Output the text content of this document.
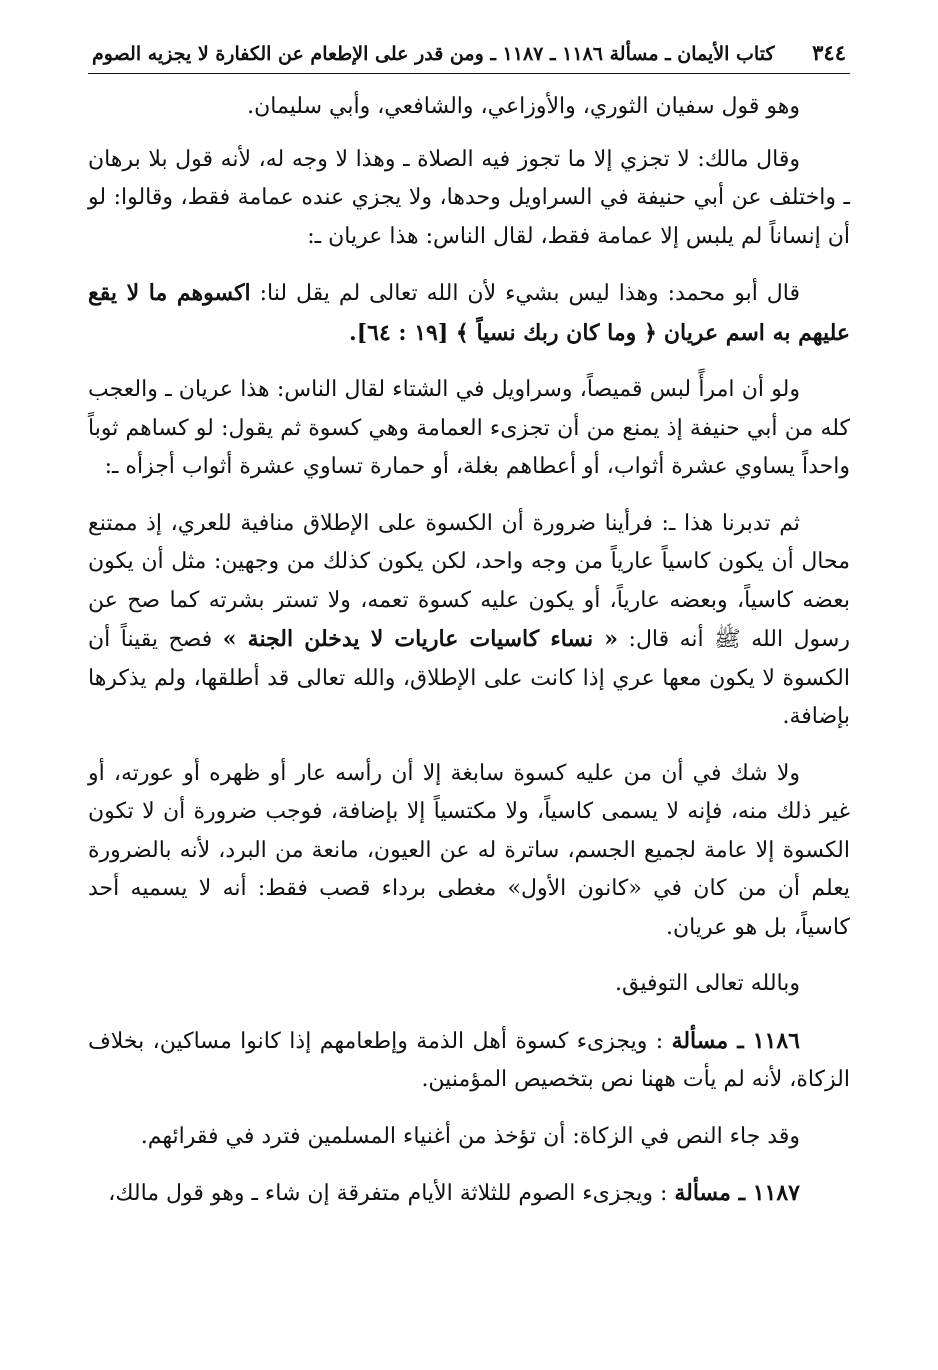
٣٤٤
كتاب الأيمان ـ مسألة ١١٨٦ ـ ١١٨٧ ـ ومن قدر على الإطعام عن الكفارة لا يجزيه الصوم

وهو قول سفيان الثوري، والأوزاعي، والشافعي، وأبي سليمان.

وقال مالك: لا تجزي إلا ما تجوز فيه الصلاة ـ وهذا لا وجه له، لأنه قول بلا برهان ـ واختلف عن أبي حنيفة في السراويل وحدها، ولا يجزي عنده عمامة فقط، وقالوا: لو أن إنساناً لم يلبس إلا عمامة فقط، لقال الناس: هذا عريان ـ:

قال أبو محمد: وهذا ليس بشيء لأن الله تعالى لم يقل لنا: اكسوهم ما لا يقع عليهم به اسم عريان ﴿ وما كان ربك نسياً ﴾ [١٩ : ٦٤].

ولو أن امرأً لبس قميصاً، وسراويل في الشتاء لقال الناس: هذا عريان ـ والعجب كله من أبي حنيفة إذ يمنع من أن تجزىء العمامة وهي كسوة ثم يقول: لو كساهم ثوباً واحداً يساوي عشرة أثواب، أو أعطاهم بغلة، أو حمارة تساوي عشرة أثواب أجزأه ـ:

ثم تدبرنا هذا ـ: فرأينا ضرورة أن الكسوة على الإطلاق منافية للعري، إذ ممتنع محال أن يكون كاسياً عارياً من وجه واحد، لكن يكون كذلك من وجهين: مثل أن يكون بعضه كاسياً، وبعضه عارياً، أو يكون عليه كسوة تعمه، ولا تستر بشرته كما صح عن رسول الله ﷺ أنه قال: « نساء كاسيات عاريات لا يدخلن الجنة » فصح يقيناً أن الكسوة لا يكون معها عري إذا كانت على الإطلاق، والله تعالى قد أطلقها، ولم يذكرها بإضافة.

ولا شك في أن من عليه كسوة سابغة إلا أن رأسه عار أو ظهره أو عورته، أو غير ذلك منه، فإنه لا يسمى كاسياً، ولا مكتسياً إلا بإضافة، فوجب ضرورة أن لا تكون الكسوة إلا عامة لجميع الجسم، ساترة له عن العيون، مانعة من البرد، لأنه بالضرورة يعلم أن من كان في «كانون الأول» مغطى برداء قصب فقط: أنه لا يسميه أحد كاسياً، بل هو عريان.

وبالله تعالى التوفيق.

١١٨٦ ـ مسألة : ويجزىء كسوة أهل الذمة وإطعامهم إذا كانوا مساكين، بخلاف الزكاة، لأنه لم يأت ههنا نص بتخصيص المؤمنين.

وقد جاء النص في الزكاة: أن تؤخذ من أغنياء المسلمين فترد في فقرائهم.

١١٨٧ ـ مسألة : ويجزىء الصوم للثلاثة الأيام متفرقة إن شاء ـ وهو قول مالك،
